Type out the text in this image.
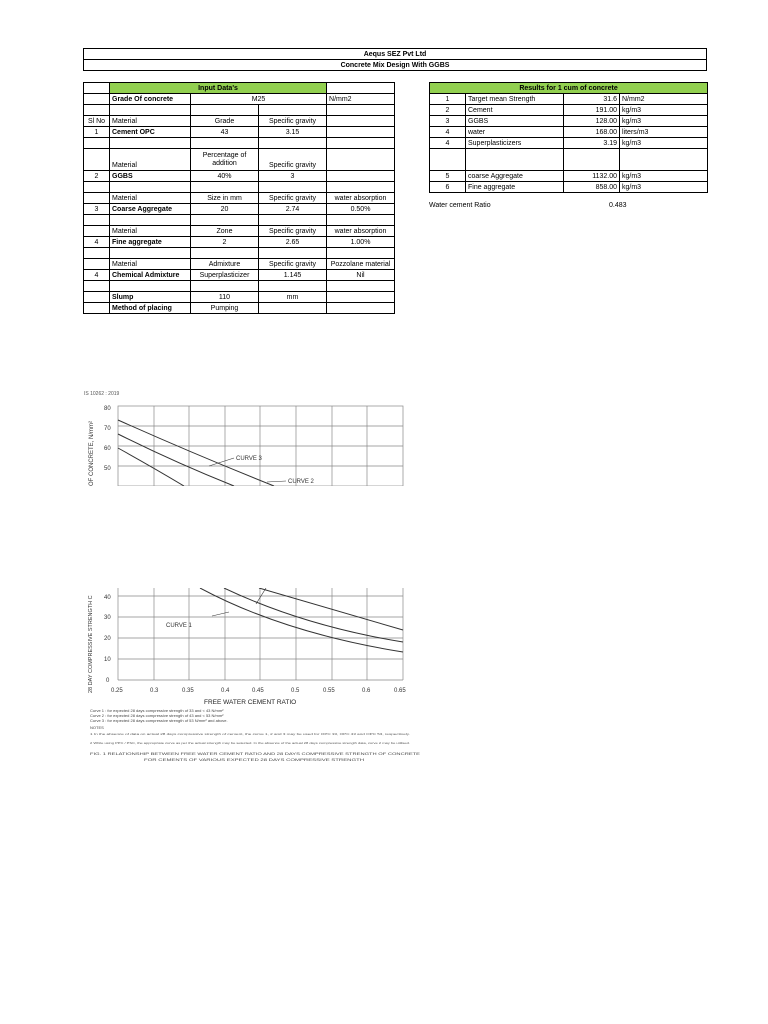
Aequs SEZ Pvt Ltd
Concrete Mix Design With GGBS
	Input Data's			
	Grade Of concrete	M25		N/mm2

Sl No	Material	Grade	Specific gravity	
1	Cement OPC	43	3.15	

	Material	Percentage of addition	Specific gravity	
2	GGBS	40%	3	

	Material	Size in mm	Specific gravity	water absorption
3	Coarse Aggregate	20	2.74	0.50%

	Material	Zone	Specific gravity	water absorption
4	Fine aggregate	2	2.65	1.00%

	Material	Admixture	Specific gravity	Pozzolane material
4	Chemical Admixture	Superplasticizer	1.145	Nil

	Slump	110	mm	
	Method of placing	Pumping		
Results for 1 cum of concrete			
1	Target mean Strength	31.6	N/mm2
2	Cement	191.00	kg/m3
3	GGBS	128.00	kg/m3
4	water	168.00	liters/m3
4	Superplasticizers	3.19	kg/m3

5	coarse Aggregate	1132.00	kg/m3
6	Fine aggregate	858.00	kg/m3
Water cement Ratio	0.483
IS 10262 : 2019
OF CONCRETE, N/mm²
80
70
60
50
CURVE 3
CURVE 2
28 DAY COMPRESSIVE STRENGTH C 40
30
20
10
0
CURVE 1
0.25	0.3	0.35	0.4	0.45	0.5	0.55	0.6	0.65
FREE WATER CEMENT RATIO
Curve 1 : for expected 28 days compressive strength of 33 and < 43 N/mm²
Curve 2 : for expected 28 days compressive strength of 43 and < 53 N/mm²
Curve 3 : for expected 28 days compressive strength of 53 N/mm² and above.
NOTES
1 In the absence of data on actual 28 days compressive strength of cement, the curve 1, 2 and 3 may be used for OPC 33, OPC 43 and OPC 53, respectively.
2 While using PPC / PSC, the appropriate curve as per the actual strength may be selected. In the absence of the actual 28 days compressive strength data, curve 2 may be utilised.
FIG. 1 RELATIONSHIP BETWEEN FREE WATER CEMENT RATIO AND 28 DAYS COMPRESSIVE STRENGTH OF CONCRETE
FOR CEMENTS OF VARIOUS EXPECTED 28 DAYS COMPRESSIVE STRENGTH
